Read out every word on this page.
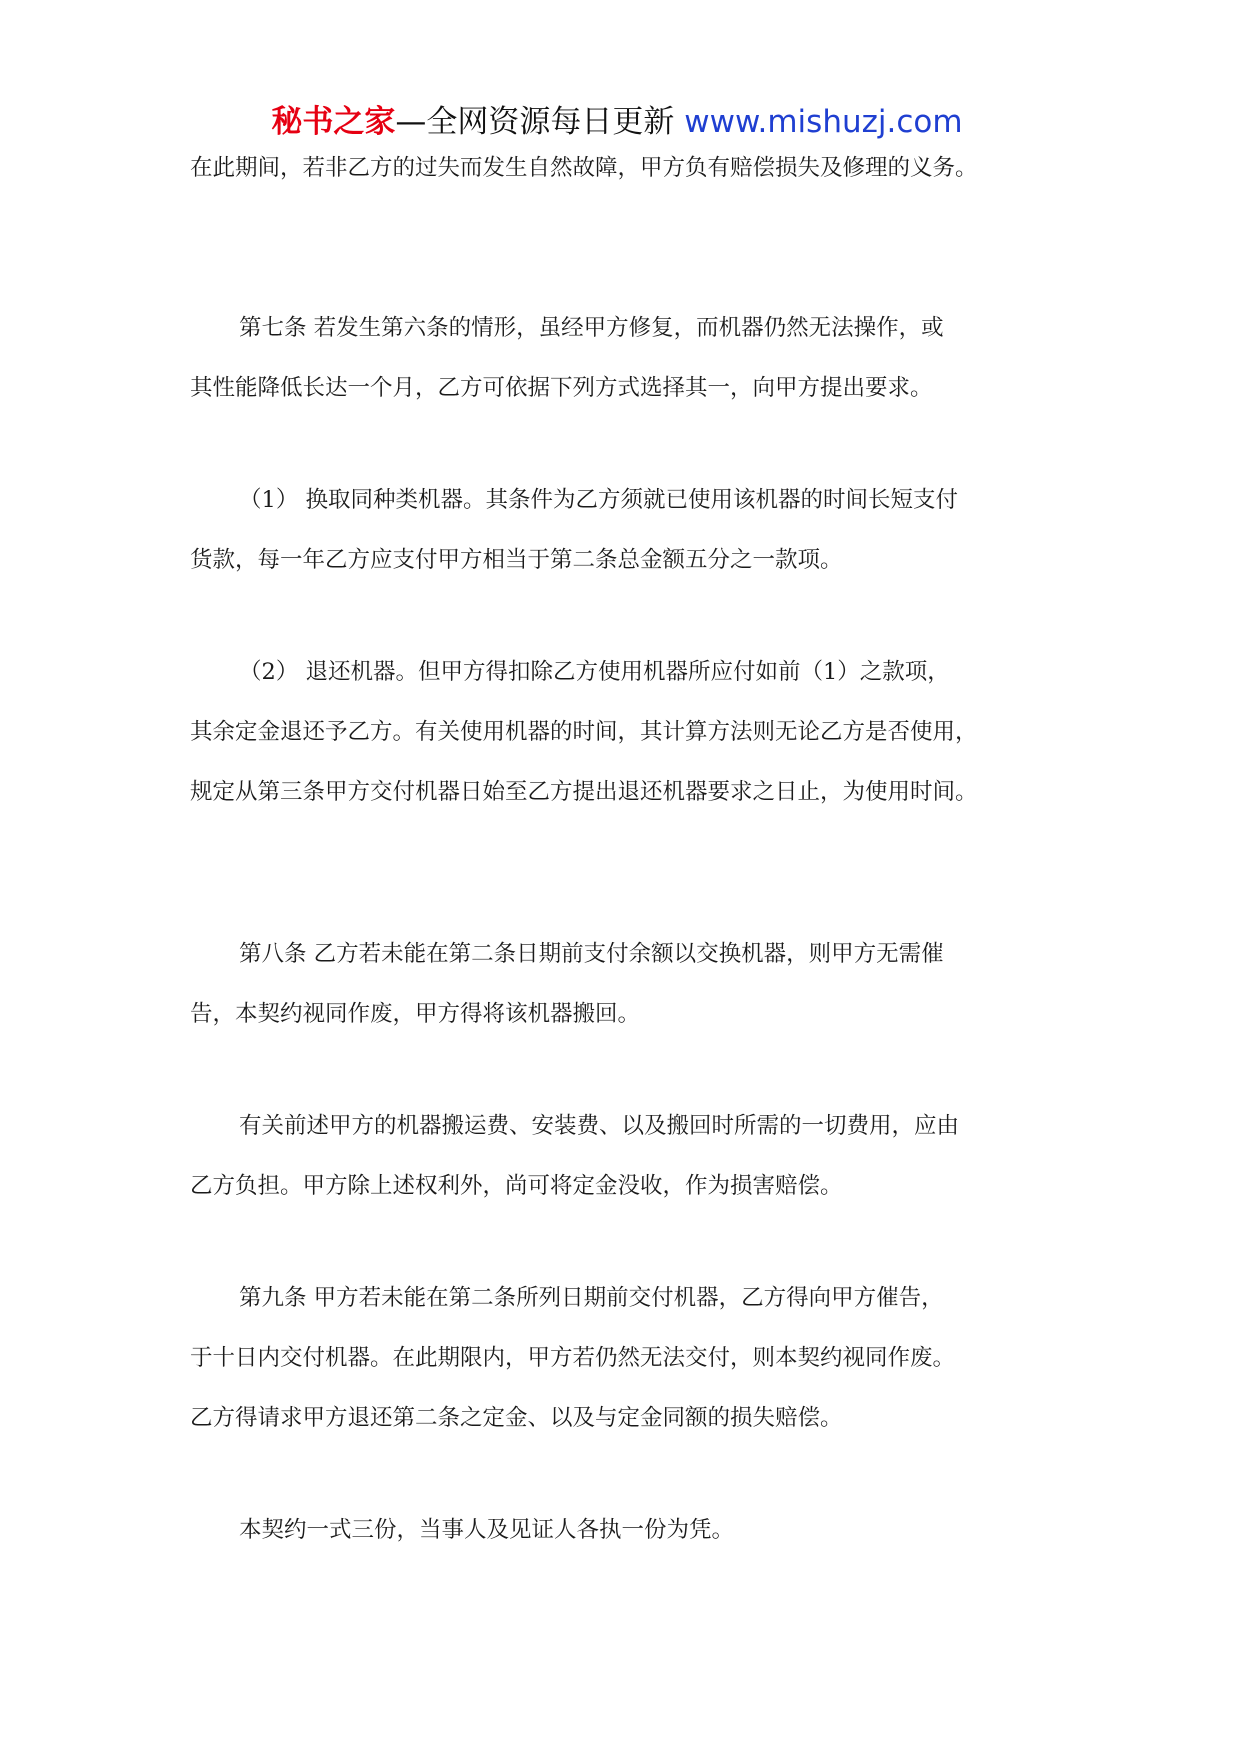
秘书之家—全网资源每日更新 www.mishuzj.com
在此期间，若非乙方的过失而发生自然故障，甲方负有赔偿损失及修理的义务。
第七条 若发生第六条的情形，虽经甲方修复，而机器仍然无法操作，或
其性能降低长达一个月，乙方可依据下列方式选择其一，向甲方提出要求。
（1） 换取同种类机器。其条件为乙方须就已使用该机器的时间长短支付
货款，每一年乙方应支付甲方相当于第二条总金额五分之一款项。
（2） 退还机器。但甲方得扣除乙方使用机器所应付如前（1）之款项，
其余定金退还予乙方。有关使用机器的时间，其计算方法则无论乙方是否使用，
规定从第三条甲方交付机器日始至乙方提出退还机器要求之日止，为使用时间。
第八条 乙方若未能在第二条日期前支付余额以交换机器，则甲方无需催
告，本契约视同作废，甲方得将该机器搬回。
有关前述甲方的机器搬运费、安装费、以及搬回时所需的一切费用，应由
乙方负担。甲方除上述权利外，尚可将定金没收，作为损害赔偿。
第九条 甲方若未能在第二条所列日期前交付机器，乙方得向甲方催告，
于十日内交付机器。在此期限内，甲方若仍然无法交付，则本契约视同作废。
乙方得请求甲方退还第二条之定金、以及与定金同额的损失赔偿。
本契约一式三份，当事人及见证人各执一份为凭。
